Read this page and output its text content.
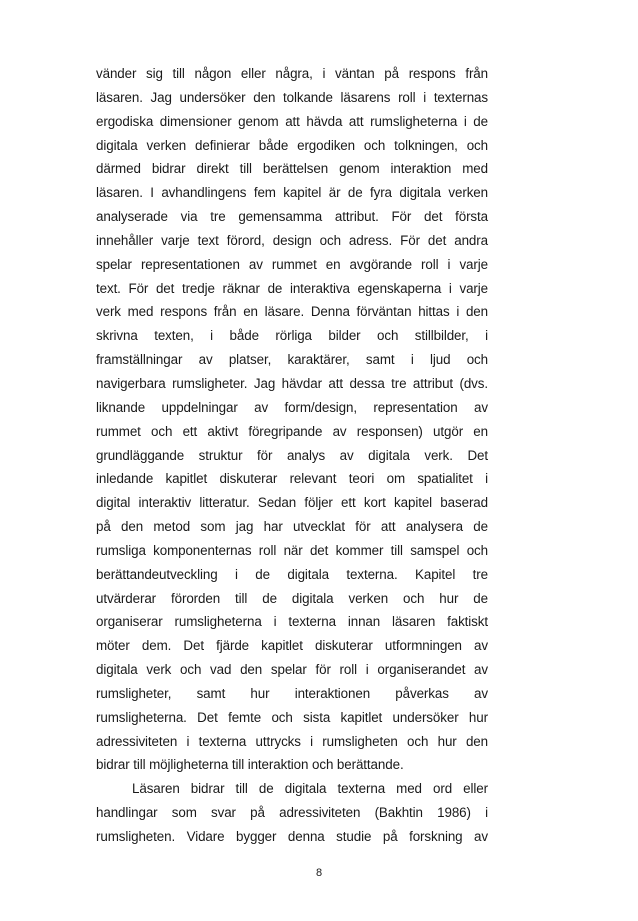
vänder sig till någon eller några, i väntan på respons från
läsaren. Jag undersöker den tolkande läsarens roll i texternas
ergodiska dimensioner genom att hävda att rumsligheterna i de
digitala verken definierar både ergodiken och tolkningen, och
därmed bidrar direkt till berättelsen genom interaktion med
läsaren. I avhandlingens fem kapitel är de fyra digitala verken
analyserade via tre gemensamma attribut. För det första
innehåller varje text förord, design och adress. För det andra
spelar representationen av rummet en avgörande roll i varje
text. För det tredje räknar de interaktiva egenskaperna i varje
verk med respons från en läsare. Denna förväntan hittas i den
skrivna texten, i både rörliga bilder och stillbilder, i
framställningar av platser, karaktärer, samt i ljud och
navigerbara rumsligheter. Jag hävdar att dessa tre attribut (dvs.
liknande uppdelningar av form/design, representation av
rummet och ett aktivt föregripande av responsen) utgör en
grundläggande struktur för analys av digitala verk. Det
inledande kapitlet diskuterar relevant teori om spatialitet i
digital interaktiv litteratur. Sedan följer ett kort kapitel baserad
på den metod som jag har utvecklat för att analysera de
rumsliga komponenternas roll när det kommer till samspel och
berättandeutveckling i de digitala texterna. Kapitel tre
utvärderar förorden till de digitala verken och hur de
organiserar rumsligheterna i texterna innan läsaren faktiskt
möter dem. Det fjärde kapitlet diskuterar utformningen av
digitala verk och vad den spelar för roll i organiserandet av
rumsligheter, samt hur interaktionen påverkas av
rumsligheterna. Det femte och sista kapitlet undersöker hur
adressiviteten i texterna uttrycks i rumsligheten och hur den
bidrar till möjligheterna till interaktion och berättande.
Läsaren bidrar till de digitala texterna med ord eller
handlingar som svar på adressiviteten (Bakhtin 1986) i
rumsligheten. Vidare bygger denna studie på forskning av

8
